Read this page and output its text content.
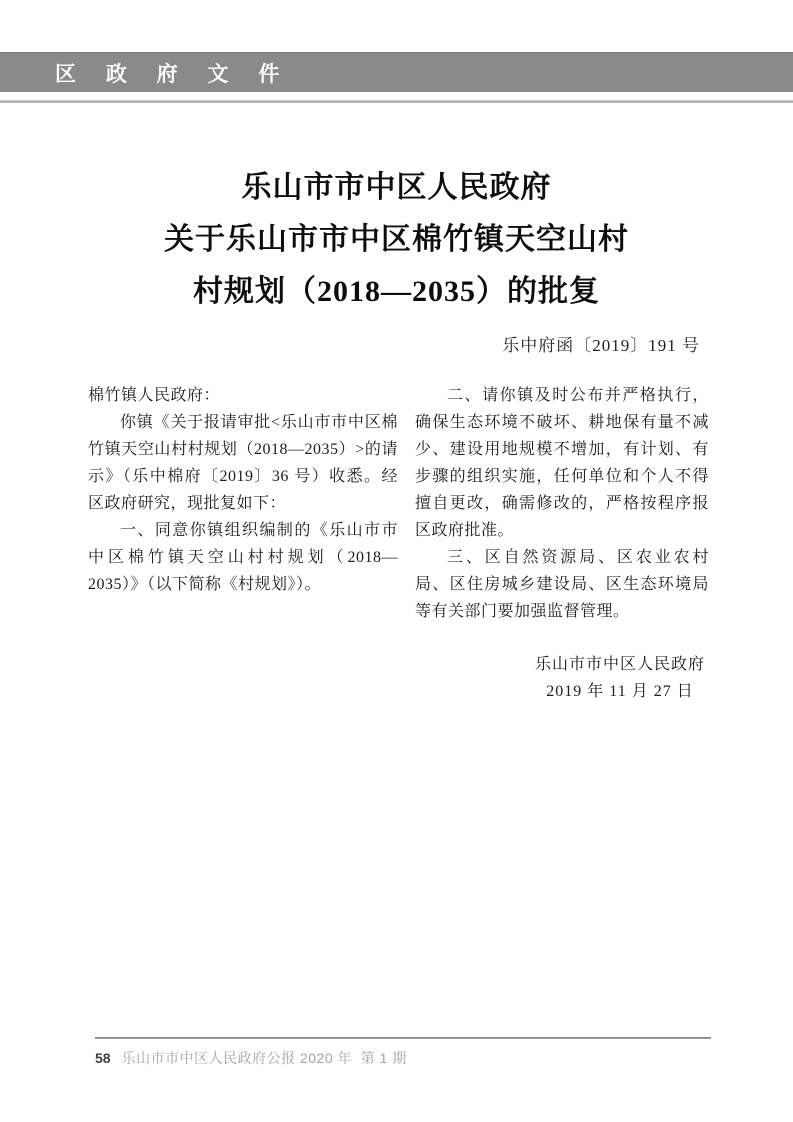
区 政 府 文 件
乐山市市中区人民政府
关于乐山市市中区棉竹镇天空山村
村规划（2018—2035）的批复
乐中府函〔2019〕191 号

棉竹镇人民政府：

你镇《关于报请审批<乐山市市中区棉竹镇天空山村村规划（2018—2035）>的请示》（乐中棉府〔2019〕36 号）收悉。经区政府研究，现批复如下：

一、同意你镇组织编制的《乐山市市中区棉竹镇天空山村村规划（2018—2035）》（以下简称《村规划》）。

二、请你镇及时公布并严格执行，确保生态环境不破坏、耕地保有量不减少、建设用地规模不增加，有计划、有步骤的组织实施，任何单位和个人不得擅自更改，确需修改的，严格按程序报区政府批准。

三、区自然资源局、区农业农村局、区住房城乡建设局、区生态环境局等有关部门要加强监督管理。

乐山市市中区人民政府
2019 年 11 月 27 日
58 乐山市市中区人民政府公报 2020 年  第 1 期
